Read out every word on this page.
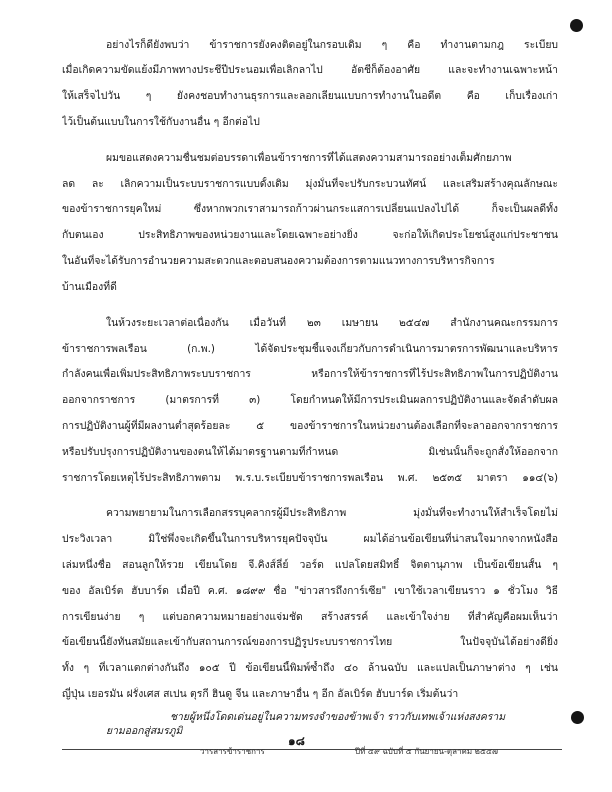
อย่างไรก็ดียังพบว่า ข้าราชการยังคงติดอยู่ในกรอบเดิม ๆ คือ ทำงานตามกฎ ระเบียบ
เมื่อเกิดความขัดแย้งมีภาพทางประชีปีประนอมเพื่อเลิกลาไป อัตชีก็ต้องอาศัย และจะทำงานเฉพาะหน้า
ให้เสร็จไปวัน ๆ ยังคงชอบทำงานธุรการและลอกเลียนแบบการทำงานในอดีต คือ เก็บเรื่องเก่า
ไว้เป็นต้นแบบในการใช้กับงานอื่น ๆ อีกต่อไป
ผมขอแสดงความชื่นชมต่อบรรดาเพื่อนข้าราชการที่ได้แสดงความสามารถอย่างเต็มศักยภาพ
ลด ละ เลิกความเป็นระบบราชการแบบดั้งเดิม มุ่งมั่นที่จะปรับกระบวนทัศน์ และเสริมสร้างคุณลักษณะ
ของข้าราชการยุคใหม่ ซึ่งหากพวกเราสามารถก้าวผ่านกระแสการเปลี่ยนแปลงไปได้ ก็จะเป็นผลดีทั้ง
กับตนเอง ประสิทธิภาพของหน่วยงานและโดยเฉพาะอย่างยิ่ง จะก่อให้เกิดประโยชน์สูงแก่ประชาชน
ในอันที่จะได้รับการอำนวยความสะดวกและตอบสนองความต้องการตามแนวทางการบริหารกิจการ
บ้านเมืองที่ดี
ในห้วงระยะเวลาต่อเนื่องกัน เมื่อวันที่ ๒๓ เมษายน ๒๕๔๗ สำนักงานคณะกรรมการ
ข้าราชการพลเรือน (ก.พ.) ได้จัดประชุมชี้แจงเกี่ยวกับการดำเนินการมาตรการพัฒนาและบริหาร
กำลังคนเพื่อเพิ่มประสิทธิภาพระบบราชการ หรือการให้ข้าราชการที่ไร้ประสิทธิภาพในการปฏิบัติงาน
ออกจากราชการ (มาตรการที่ ๓) โดยกำหนดให้มีการประเมินผลการปฏิบัติงานและจัดลำดับผล
การปฏิบัติงานผู้ที่มีผลงานต่ำสุดร้อยละ ๕ ของข้าราชการในหน่วยงานต้องเลือกที่จะลาออกจากราชการ
หรือปรับปรุงการปฏิบัติงานของตนให้ได้มาตรฐานตามที่กำหนด มิเช่นนั้นก็จะถูกสั่งให้ออกจาก
ราชการโดยเหตุไร้ประสิทธิภาพตาม พ.ร.บ.ระเบียบข้าราชการพลเรือน พ.ศ. ๒๕๓๕ มาตรา ๑๑๔(๖)
ความพยายามในการเลือกสรรบุคลากรผู้มีประสิทธิภาพ มุ่งมั่นที่จะทำงานให้สำเร็จโดยไม่
ประวิงเวลา มิใช่พึ่งจะเกิดขึ้นในการบริหารยุคปัจจุบัน ผมได้อ่านข้อเขียนที่น่าสนใจมากจากหนังสือ
เล่มหนึ่งชื่อ สอนลูกให้รวย เขียนโดย จี.คิงส์ลี่ย์ วอร์ด แปลโดยสมิทธิ์ จิตตานุภาพ เป็นข้อเขียนสั้น ๆ
ของ อัลเบิร์ต ฮับบาร์ด เมื่อปี ค.ศ. ๑๘๙๙ ชื่อ "ข่าวสารถึงการ์เซีย" เขาใช้เวลาเขียนราว ๑ ชั่วโมง วิธี
การเขียนง่าย ๆ แต่บอกความหมายอย่างแจ่มชัด สร้างสรรค์ และเข้าใจง่าย ที่สำคัญคือผมเห็นว่า
ข้อเขียนนี้ยังทันสมัยและเข้ากับสถานการณ์ของการปฏิรูประบบราชการไทย ในปัจจุบันได้อย่างดียิ่ง
ทั้ง ๆ ที่เวลาแตกต่างกันถึง ๑๐๕ ปี ข้อเขียนนี้พิมพ์ซ้ำถึง ๔๐ ล้านฉบับ และแปลเป็นภาษาต่าง ๆ เช่น
ญี่ปุ่น เยอรมัน ฝรั่งเศส สเปน ตุรกี ฮินดู จีน และภาษาอื่น ๆ อีก อัลเบิร์ต ฮับบาร์ด เริ่มต้นว่า
ชายผู้หนึ่งโดดเด่นอยู่ในความทรงจำของข้าพเจ้า ราวกับเทพเจ้าแห่งสงคราม
ยามออกสู่สมรภูมิ
๑๘
วารสารข้าราชการ	ปีที่ ๔๙ ฉบับที่ ๕ กันยายน-ตุลาคม ๒๕๔๗
